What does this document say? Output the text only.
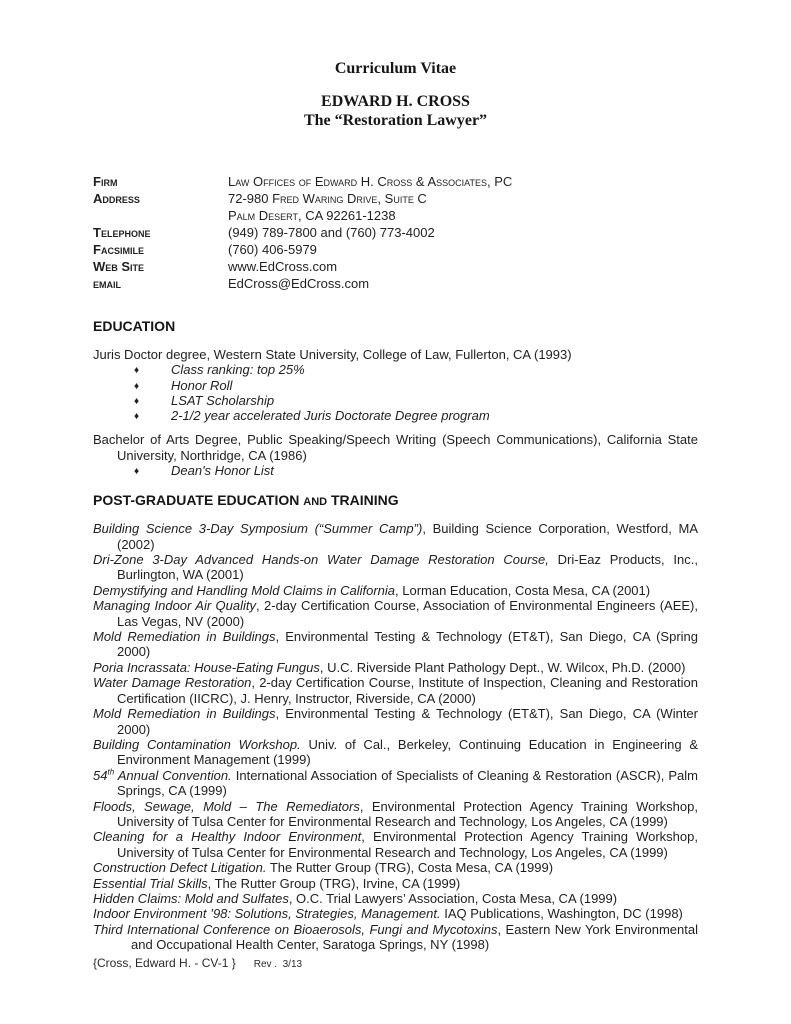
Curriculum Vitae
EDWARD H. CROSS
The “Restoration Lawyer”
Firm	Law Offices of Edward H. Cross & Associates, PC
Address	72-980 Fred Waring Drive, Suite C
Palm Desert, CA 92261-1238
Telephone	(949) 789-7800 and (760) 773-4002
Facsimile	(760) 406-5979
Web Site	www.EdCross.com
email	EdCross@EdCross.com
EDUCATION

Juris Doctor degree, Western State University, College of Law, Fullerton, CA (1993)

♦ Class ranking: top 25%
♦ Honor Roll
♦ LSAT Scholarship
♦ 2-1/2 year accelerated Juris Doctorate Degree program

Bachelor of Arts Degree, Public Speaking/Speech Writing (Speech Communications), California State University, Northridge, CA (1986)

♦ Dean's Honor List
POST-GRADUATE EDUCATION AND TRAINING

Building Science 3-Day Symposium (“Summer Camp”), Building Science Corporation, Westford, MA (2002)

Dri-Zone 3-Day Advanced Hands-on Water Damage Restoration Course, Dri-Eaz Products, Inc., Burlington, WA (2001)

Demystifying and Handling Mold Claims in California, Lorman Education, Costa Mesa, CA (2001)

Managing Indoor Air Quality, 2-day Certification Course, Association of Environmental Engineers (AEE), Las Vegas, NV (2000)

Mold Remediation in Buildings, Environmental Testing & Technology (ET&T), San Diego, CA (Spring 2000)

Poria Incrassata: House-Eating Fungus, U.C. Riverside Plant Pathology Dept., W. Wilcox, Ph.D. (2000)

Water Damage Restoration, 2-day Certification Course, Institute of Inspection, Cleaning and Restoration Certification (IICRC), J. Henry, Instructor, Riverside, CA (2000)

Mold Remediation in Buildings, Environmental Testing & Technology (ET&T), San Diego, CA (Winter 2000)

Building Contamination Workshop. Univ. of Cal., Berkeley, Continuing Education in Engineering & Environment Management (1999)

54th Annual Convention. International Association of Specialists of Cleaning & Restoration (ASCR), Palm Springs, CA (1999)

Floods, Sewage, Mold – The Remediators, Environmental Protection Agency Training Workshop, University of Tulsa Center for Environmental Research and Technology, Los Angeles, CA (1999)

Cleaning for a Healthy Indoor Environment, Environmental Protection Agency Training Workshop, University of Tulsa Center for Environmental Research and Technology, Los Angeles, CA (1999)

Construction Defect Litigation. The Rutter Group (TRG), Costa Mesa, CA (1999)

Essential Trial Skills, The Rutter Group (TRG), Irvine, CA (1999)

Hidden Claims: Mold and Sulfates, O.C. Trial Lawyers’ Association, Costa Mesa, CA (1999)

Indoor Environment ’98: Solutions, Strategies, Management. IAQ Publications, Washington, DC (1998)

Third International Conference on Bioaerosols, Fungi and Mycotoxins, Eastern New York Environmental and Occupational Health Center, Saratoga Springs, NY (1998)

{Cross, Edward H. - CV-1 } Rev .  3/13
